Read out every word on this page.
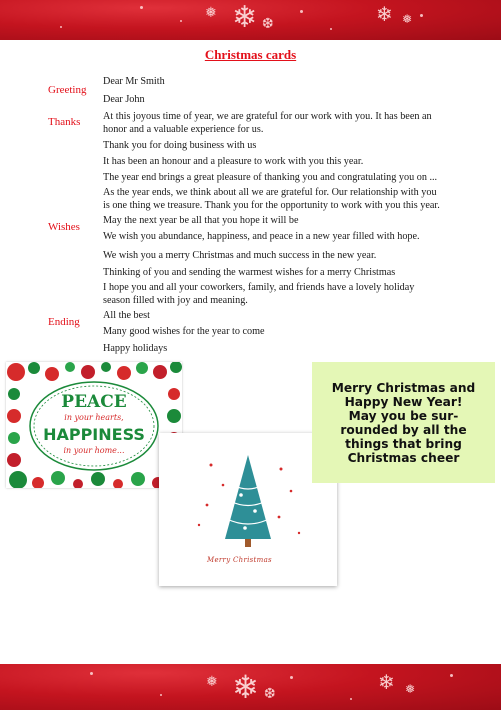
❄
❅
❆	❄ ❅
Christmas cards
Greeting
Thanks
Wishes
Ending
Dear Mr Smith
Dear John
At this joyous time of year, we are grateful for our work with you. It has been an honor and a valuable experience for us.
Thank you for doing business with us
It has been an honour and a pleasure to work with you this year.
The year end brings a great pleasure of thanking you and congratulating you on ...
As the year ends, we think about all we are grateful for. Our relationship with you is one thing we treasure. Thank you for the opportunity to work with you this year.
May the next year be all that you hope it will be
We wish you abundance, happiness, and peace in a new year filled with hope.
We wish you a merry Christmas and much success in the new year.
Thinking of you and sending the warmest wishes for a merry Christmas
I hope you and all your coworkers, family, and friends have a lovely holiday season filled with joy and meaning.
All the best
Many good wishes for the year to come
Happy holidays
PEACE
in your hearts,
HAPPINESS
in your home...
Merry Christmas
Merry Christmas and
Happy New Year!
May you be sur-
rounded by all the
things that bring
Christmas cheer
❄
❅
❆	❄ ❅
